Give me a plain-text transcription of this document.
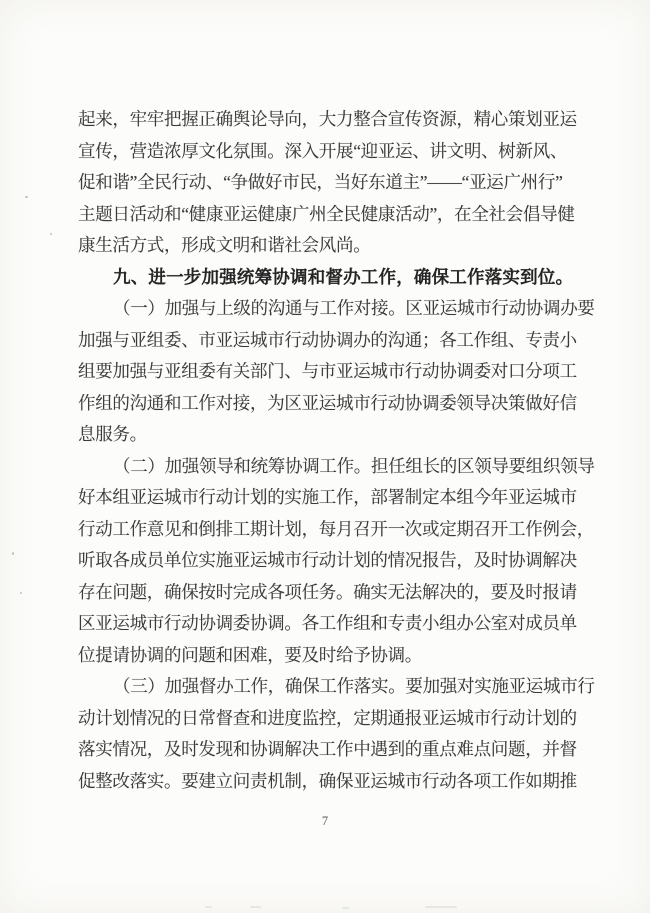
起来，牢牢把握正确舆论导向，大力整合宣传资源，精心策划亚运
宣传，营造浓厚文化氛围。深入开展“迎亚运、讲文明、树新风、
促和谐”全民行动、“争做好市民，当好东道主”——“亚运广州行”
主题日活动和“健康亚运健康广州全民健康活动”，在全社会倡导健
康生活方式，形成文明和谐社会风尚。
九、进一步加强统筹协调和督办工作，确保工作落实到位。
（一）加强与上级的沟通与工作对接。区亚运城市行动协调办要
加强与亚组委、市亚运城市行动协调办的沟通；各工作组、专责小
组要加强与亚组委有关部门、与市亚运城市行动协调委对口分项工
作组的沟通和工作对接，为区亚运城市行动协调委领导决策做好信
息服务。
（二）加强领导和统筹协调工作。担任组长的区领导要组织领导
好本组亚运城市行动计划的实施工作，部署制定本组今年亚运城市
行动工作意见和倒排工期计划，每月召开一次或定期召开工作例会，
听取各成员单位实施亚运城市行动计划的情况报告，及时协调解决
存在问题，确保按时完成各项任务。确实无法解决的，要及时报请
区亚运城市行动协调委协调。各工作组和专责小组办公室对成员单
位提请协调的问题和困难，要及时给予协调。
（三）加强督办工作，确保工作落实。要加强对实施亚运城市行
动计划情况的日常督查和进度监控，定期通报亚运城市行动计划的
落实情况，及时发现和协调解决工作中遇到的重点难点问题，并督
促整改落实。要建立问责机制，确保亚运城市行动各项工作如期推
7
